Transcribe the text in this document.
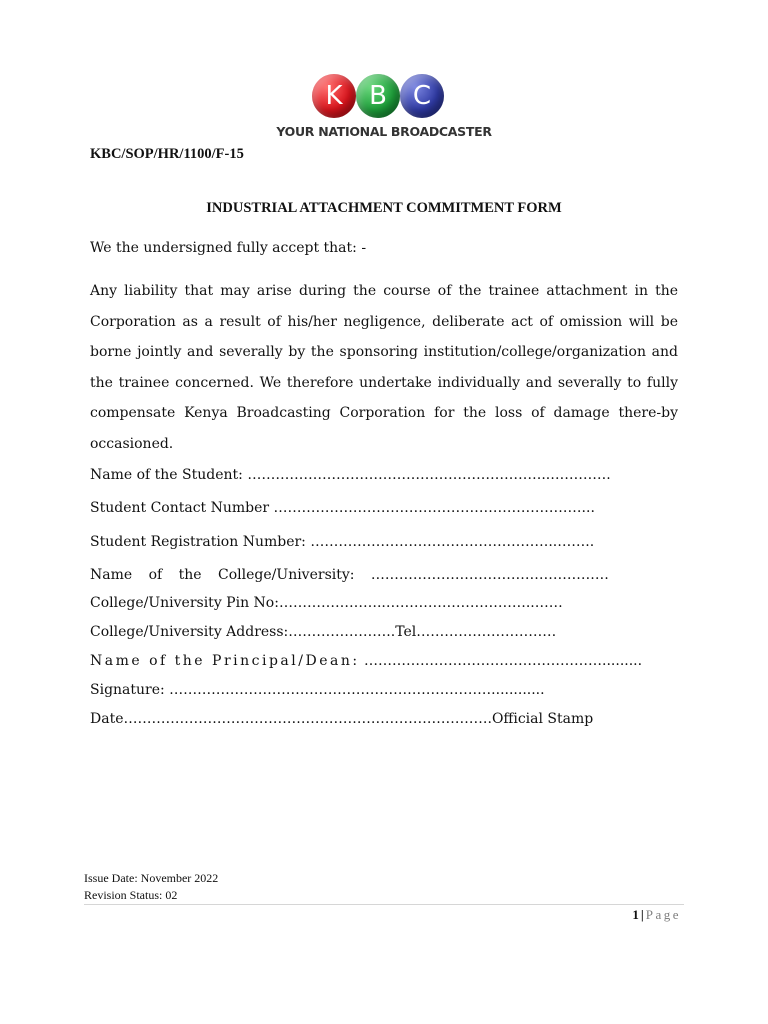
K	B	C
YOUR NATIONAL BROADCASTER
KBC/SOP/HR/1100/F-15
INDUSTRIAL ATTACHMENT COMMITMENT FORM
We the undersigned fully accept that: -

Any liability that may arise during the course of the trainee attachment in the Corporation as a result of his/her negligence, deliberate act of omission will be borne jointly and severally by the sponsoring institution/college/organization and the trainee concerned. We therefore undertake individually and severally to fully compensate Kenya Broadcasting Corporation for the loss of damage there-by occasioned.

Name of the Student: ………………………………………………………..………….
Student Contact Number …………………………………………………………...
Student Registration Number: ……………………………………………..……..
Name of the College/University: ……………………………………………
College/University Pin No:…………………..…………………………..……
College/University Address:…………………..Tel…………………………
Name of the Principal/Dean: …………………………………………….........
Signature: ……………………………………………………………............
Date…………………………………………………………………….Official Stamp
Issue Date: November 2022
Revision Status: 02
1 | Page
